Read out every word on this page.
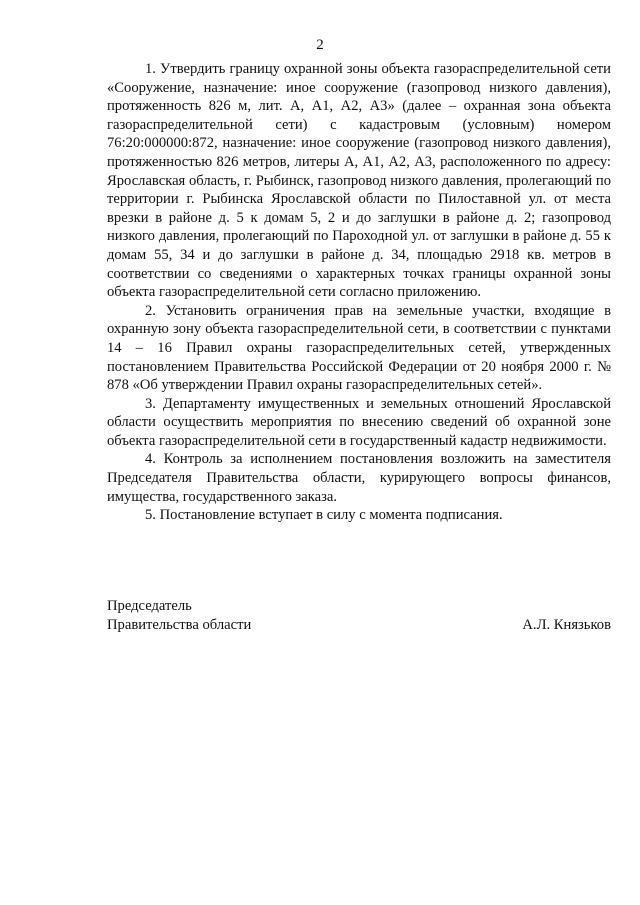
2

1. Утвердить границу охранной зоны объекта газораспределительной сети «Сооружение, назначение: иное сооружение (газопровод низкого давления), протяженность 826 м, лит. А, А1, А2, А3» (далее – охранная зона объекта газораспределительной сети) с кадастровым (условным) номером 76:20:000000:872, назначение: иное сооружение (газопровод низкого давления), протяженностью 826 метров, литеры А, А1, А2, А3, расположенного по адресу: Ярославская область, г. Рыбинск, газопровод низкого давления, пролегающий по территории г. Рыбинска Ярославской области по Пилоставной ул. от места врезки в районе д. 5 к домам 5, 2 и до заглушки в районе д. 2; газопровод низкого давления, пролегающий по Пароходной ул. от заглушки в районе д. 55 к домам 55, 34 и до заглушки в районе д. 34, площадью 2918 кв. метров в соответствии со сведениями о характерных точках границы охранной зоны объекта газораспределительной сети согласно приложению.

2. Установить ограничения прав на земельные участки, входящие в охранную зону объекта газораспределительной сети, в соответствии с пунктами 14 – 16 Правил охраны газораспределительных сетей, утвержденных постановлением Правительства Российской Федерации от 20 ноября 2000 г. № 878 «Об утверждении Правил охраны газораспределительных сетей».

3. Департаменту имущественных и земельных отношений Ярославской области осуществить мероприятия по внесению сведений об охранной зоне объекта газораспределительной сети в государственный кадастр недвижимости.

4. Контроль за исполнением постановления возложить на заместителя Председателя Правительства области, курирующего вопросы финансов, имущества, государственного заказа.

5. Постановление вступает в силу с момента подписания.

Председатель
Правительства области	А.Л. Князьков
